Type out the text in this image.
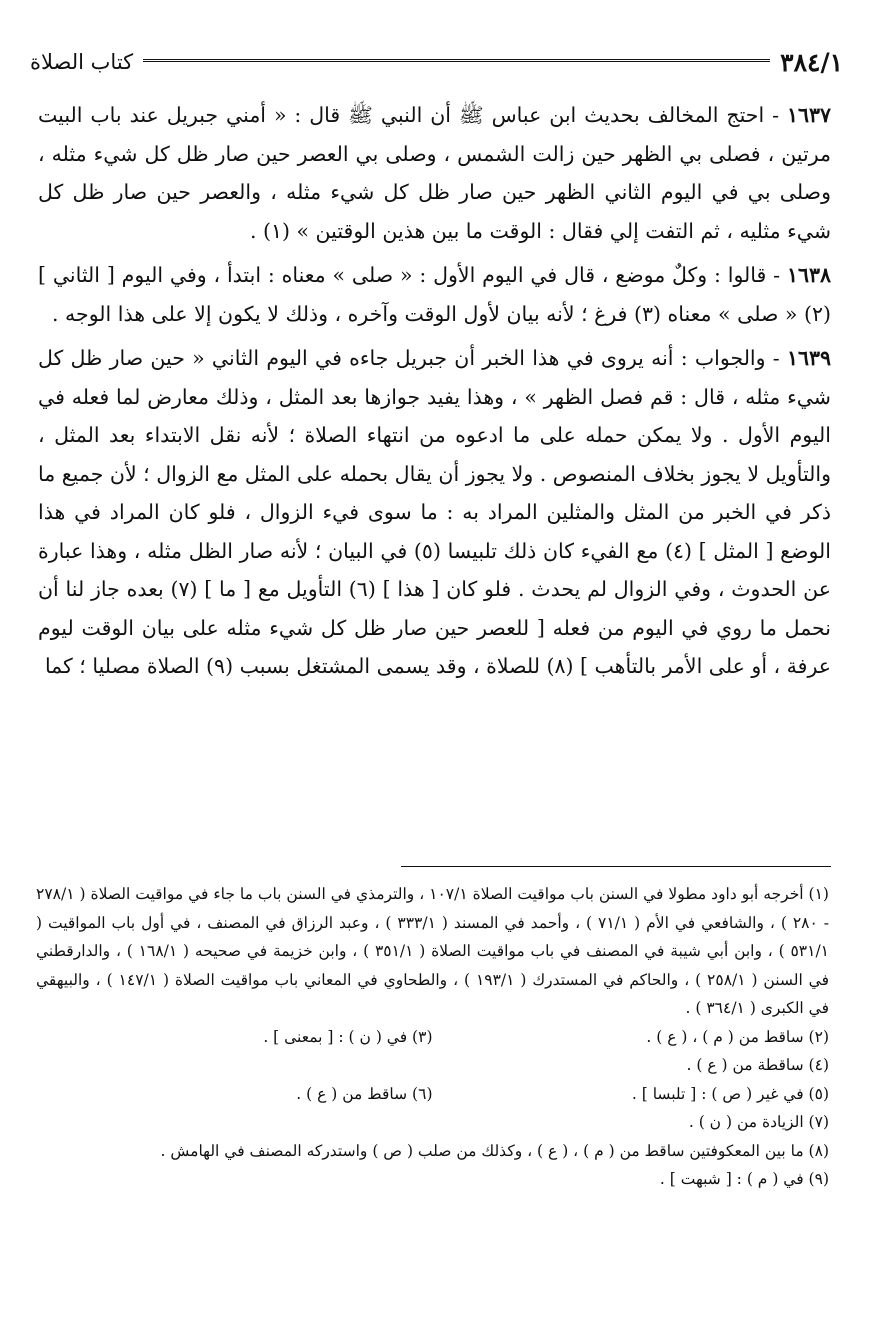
٣٨٤/١
كتاب الصلاة

١٦٣٧ - احتج المخالف بحديث ابن عباس ﷺ أن النبي ﷺ قال : « أمني جبريل عند باب البيت مرتين ، فصلى بي الظهر حين زالت الشمس ، وصلى بي العصر حين صار ظل كل شيء مثله ، وصلى بي في اليوم الثاني الظهر حين صار ظل كل شيء مثله ، والعصر حين صار ظل كل شيء مثليه ، ثم التفت إلي فقال : الوقت ما بين هذين الوقتين » (١) .

١٦٣٨ - قالوا : وكلٌ موضع ، قال في اليوم الأول : « صلى » معناه : ابتدأ ، وفي اليوم [ الثاني ] (٢) « صلى » معناه (٣) فرغ ؛ لأنه بيان لأول الوقت وآخره ، وذلك لا يكون إلا على هذا الوجه .

١٦٣٩ - والجواب : أنه يروى في هذا الخبر أن جبريل جاءه في اليوم الثاني « حين صار ظل كل شيء مثله ، قال : قم فصل الظهر » ، وهذا يفيد جوازها بعد المثل ، وذلك معارض لما فعله في اليوم الأول . ولا يمكن حمله على ما ادعوه من انتهاء الصلاة ؛ لأنه نقل الابتداء بعد المثل ، والتأويل لا يجوز بخلاف المنصوص . ولا يجوز أن يقال بحمله على المثل مع الزوال ؛ لأن جميع ما ذكر في الخبر من المثل والمثلين المراد به : ما سوى فيء الزوال ، فلو كان المراد في هذا الوضع [ المثل ] (٤) مع الفيء كان ذلك تلبيسا (٥) في البيان ؛ لأنه صار الظل مثله ، وهذا عبارة عن الحدوث ، وفي الزوال لم يحدث . فلو كان [ هذا ] (٦) التأويل مع [ ما ] (٧) بعده جاز لنا أن نحمل ما روي في اليوم من فعله [ للعصر حين صار ظل كل شيء مثله على بيان الوقت ليوم عرفة ، أو على الأمر بالتأهب ] (٨) للصلاة ، وقد يسمى المشتغل بسبب (٩) الصلاة مصليا ؛ كما

(١) أخرجه أبو داود مطولا في السنن باب مواقيت الصلاة ١٠٧/١ ، والترمذي في السنن باب ما جاء في مواقيت الصلاة ( ٢٧٨/١ - ٢٨٠ ) ، والشافعي في الأم ( ٧١/١ ) ، وأحمد في المسند ( ٣٣٣/١ ) ، وعبد الرزاق في المصنف ، في أول باب المواقيت ( ٥٣١/١ ) ، وابن أبي شيبة في المصنف في باب مواقيت الصلاة ( ٣٥١/١ ) ، وابن خزيمة في صحيحه ( ١٦٨/١ ) ، والدارقطني في السنن ( ٢٥٨/١ ) ، والحاكم في المستدرك ( ١٩٣/١ ) ، والطحاوي في المعاني باب مواقيت الصلاة ( ١٤٧/١ ) ، والبيهقي في الكبرى ( ٣٦٤/١ ) .

(٢) ساقط من ( م ) ، ( ع ) .

(٣) في ( ن ) : [ بمعنى ] .

(٤) ساقطة من ( ع ) .

(٥) في غير ( ص ) : [ تلبسا ] .

(٦) ساقط من ( ع ) .

(٧) الزيادة من ( ن ) .

(٨) ما بين المعكوفتين ساقط من ( م ) ، ( ع ) ، وكذلك من صلب ( ص ) واستدركه المصنف في الهامش .

(٩) في ( م ) : [ شبهت ] .
